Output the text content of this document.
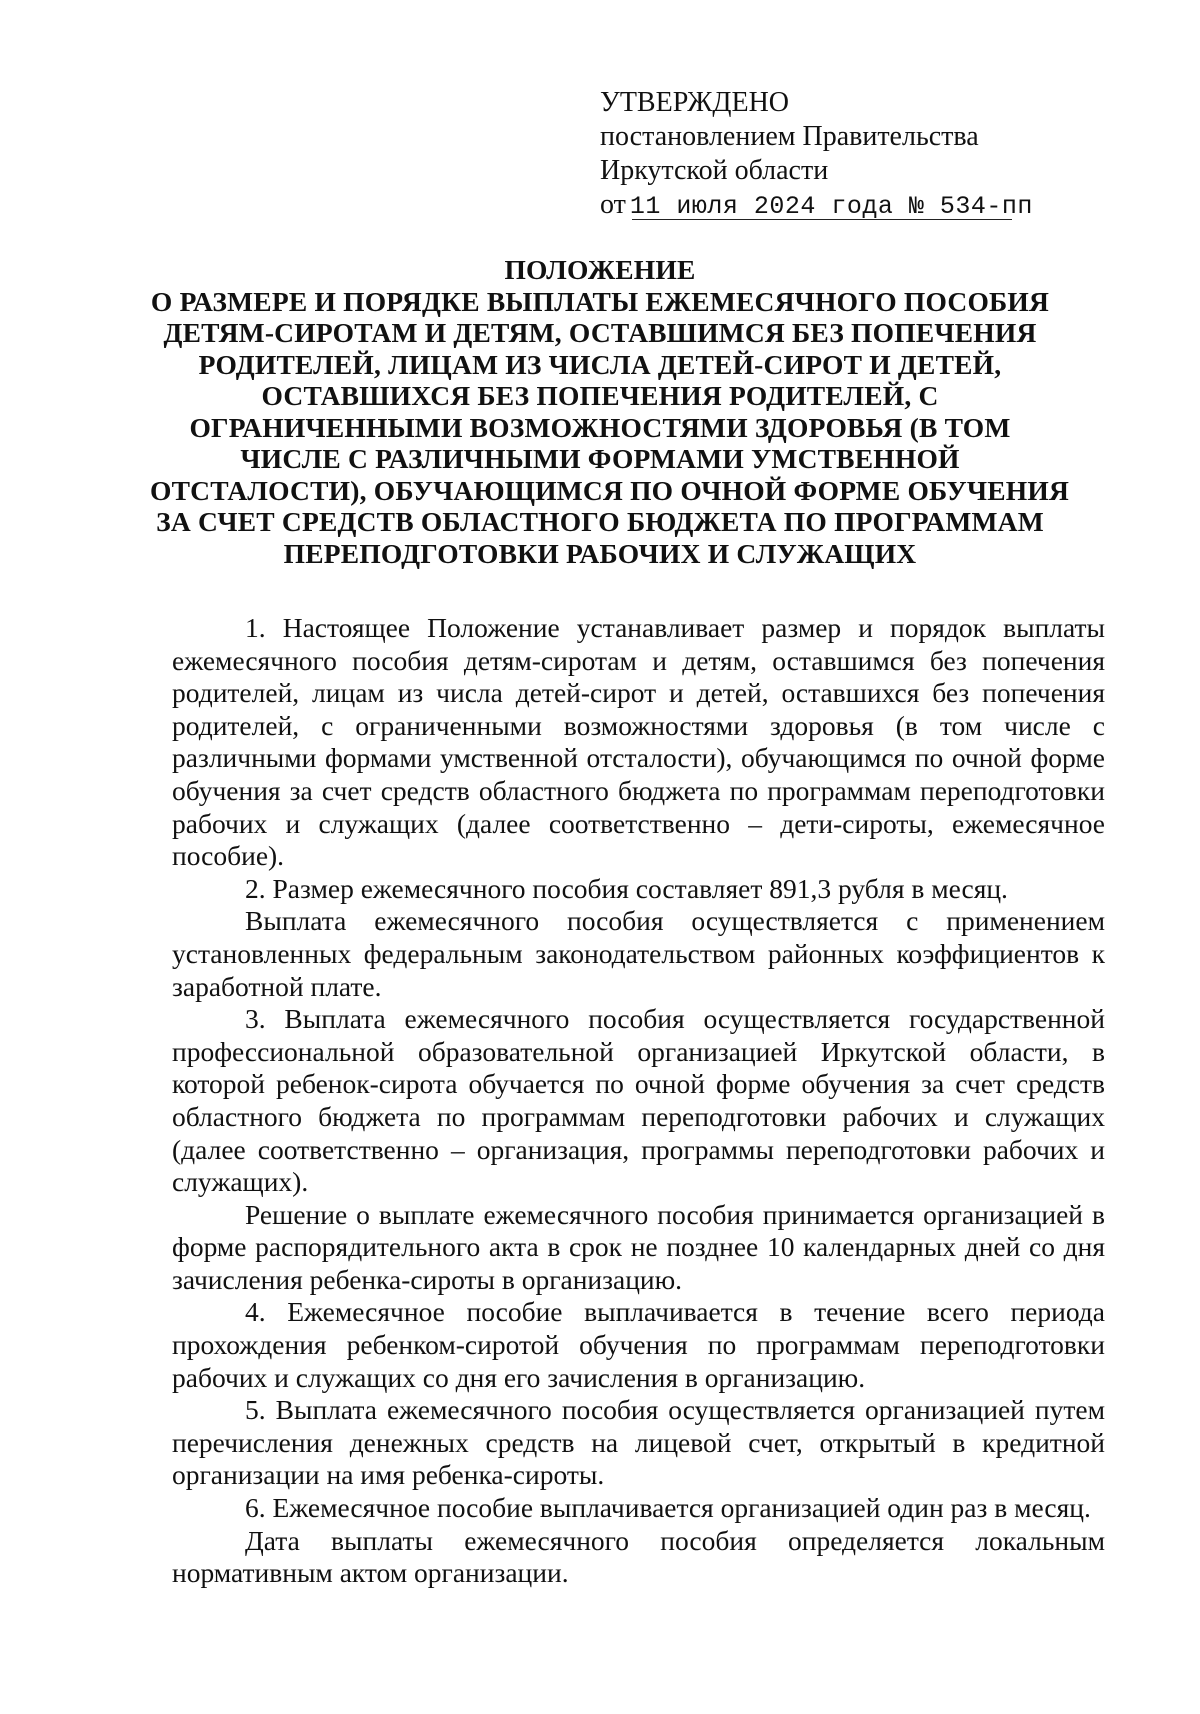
УТВЕРЖДЕНО
постановлением Правительства
Иркутской области
от 11 июля 2024 года № 534-пп
ПОЛОЖЕНИЕ
О РАЗМЕРЕ И ПОРЯДКЕ ВЫПЛАТЫ ЕЖЕМЕСЯЧНОГО ПОСОБИЯ
ДЕТЯМ-СИРОТАМ И ДЕТЯМ, ОСТАВШИМСЯ БЕЗ ПОПЕЧЕНИЯ
РОДИТЕЛЕЙ, ЛИЦАМ ИЗ ЧИСЛА ДЕТЕЙ-СИРОТ И ДЕТЕЙ,
ОСТАВШИХСЯ БЕЗ ПОПЕЧЕНИЯ РОДИТЕЛЕЙ, С
ОГРАНИЧЕННЫМИ ВОЗМОЖНОСТЯМИ ЗДОРОВЬЯ (В ТОМ
ЧИСЛЕ С РАЗЛИЧНЫМИ ФОРМАМИ УМСТВЕННОЙ
ОТСТАЛОСТИ), ОБУЧАЮЩИМСЯ ПО ОЧНОЙ ФОРМЕ ОБУЧЕНИЯ
ЗА СЧЕТ СРЕДСТВ ОБЛАСТНОГО БЮДЖЕТА ПО ПРОГРАММАМ
ПЕРЕПОДГОТОВКИ РАБОЧИХ И СЛУЖАЩИХ

1. Настоящее Положение устанавливает размер и порядок выплаты ежемесячного пособия детям-сиротам и детям, оставшимся без попечения родителей, лицам из числа детей-сирот и детей, оставшихся без попечения родителей, с ограниченными возможностями здоровья (в том числе с различными формами умственной отсталости), обучающимся по очной форме обучения за счет средств областного бюджета по программам переподготовки рабочих и служащих (далее соответственно – дети-сироты, ежемесячное пособие).

2. Размер ежемесячного пособия составляет 891,3 рубля в месяц.

Выплата ежемесячного пособия осуществляется с применением установленных федеральным законодательством районных коэффициентов к заработной плате.

3. Выплата ежемесячного пособия осуществляется государственной профессиональной образовательной организацией Иркутской области, в которой ребенок-сирота обучается по очной форме обучения за счет средств областного бюджета по программам переподготовки рабочих и служащих (далее соответственно – организация, программы переподготовки рабочих и служащих).

Решение о выплате ежемесячного пособия принимается организацией в форме распорядительного акта в срок не позднее 10 календарных дней со дня зачисления ребенка-сироты в организацию.

4. Ежемесячное пособие выплачивается в течение всего периода прохождения ребенком-сиротой обучения по программам переподготовки рабочих и служащих со дня его зачисления в организацию.

5. Выплата ежемесячного пособия осуществляется организацией путем перечисления денежных средств на лицевой счет, открытый в кредитной организации на имя ребенка-сироты.

6. Ежемесячное пособие выплачивается организацией один раз в месяц.

Дата выплаты ежемесячного пособия определяется локальным нормативным актом организации.
